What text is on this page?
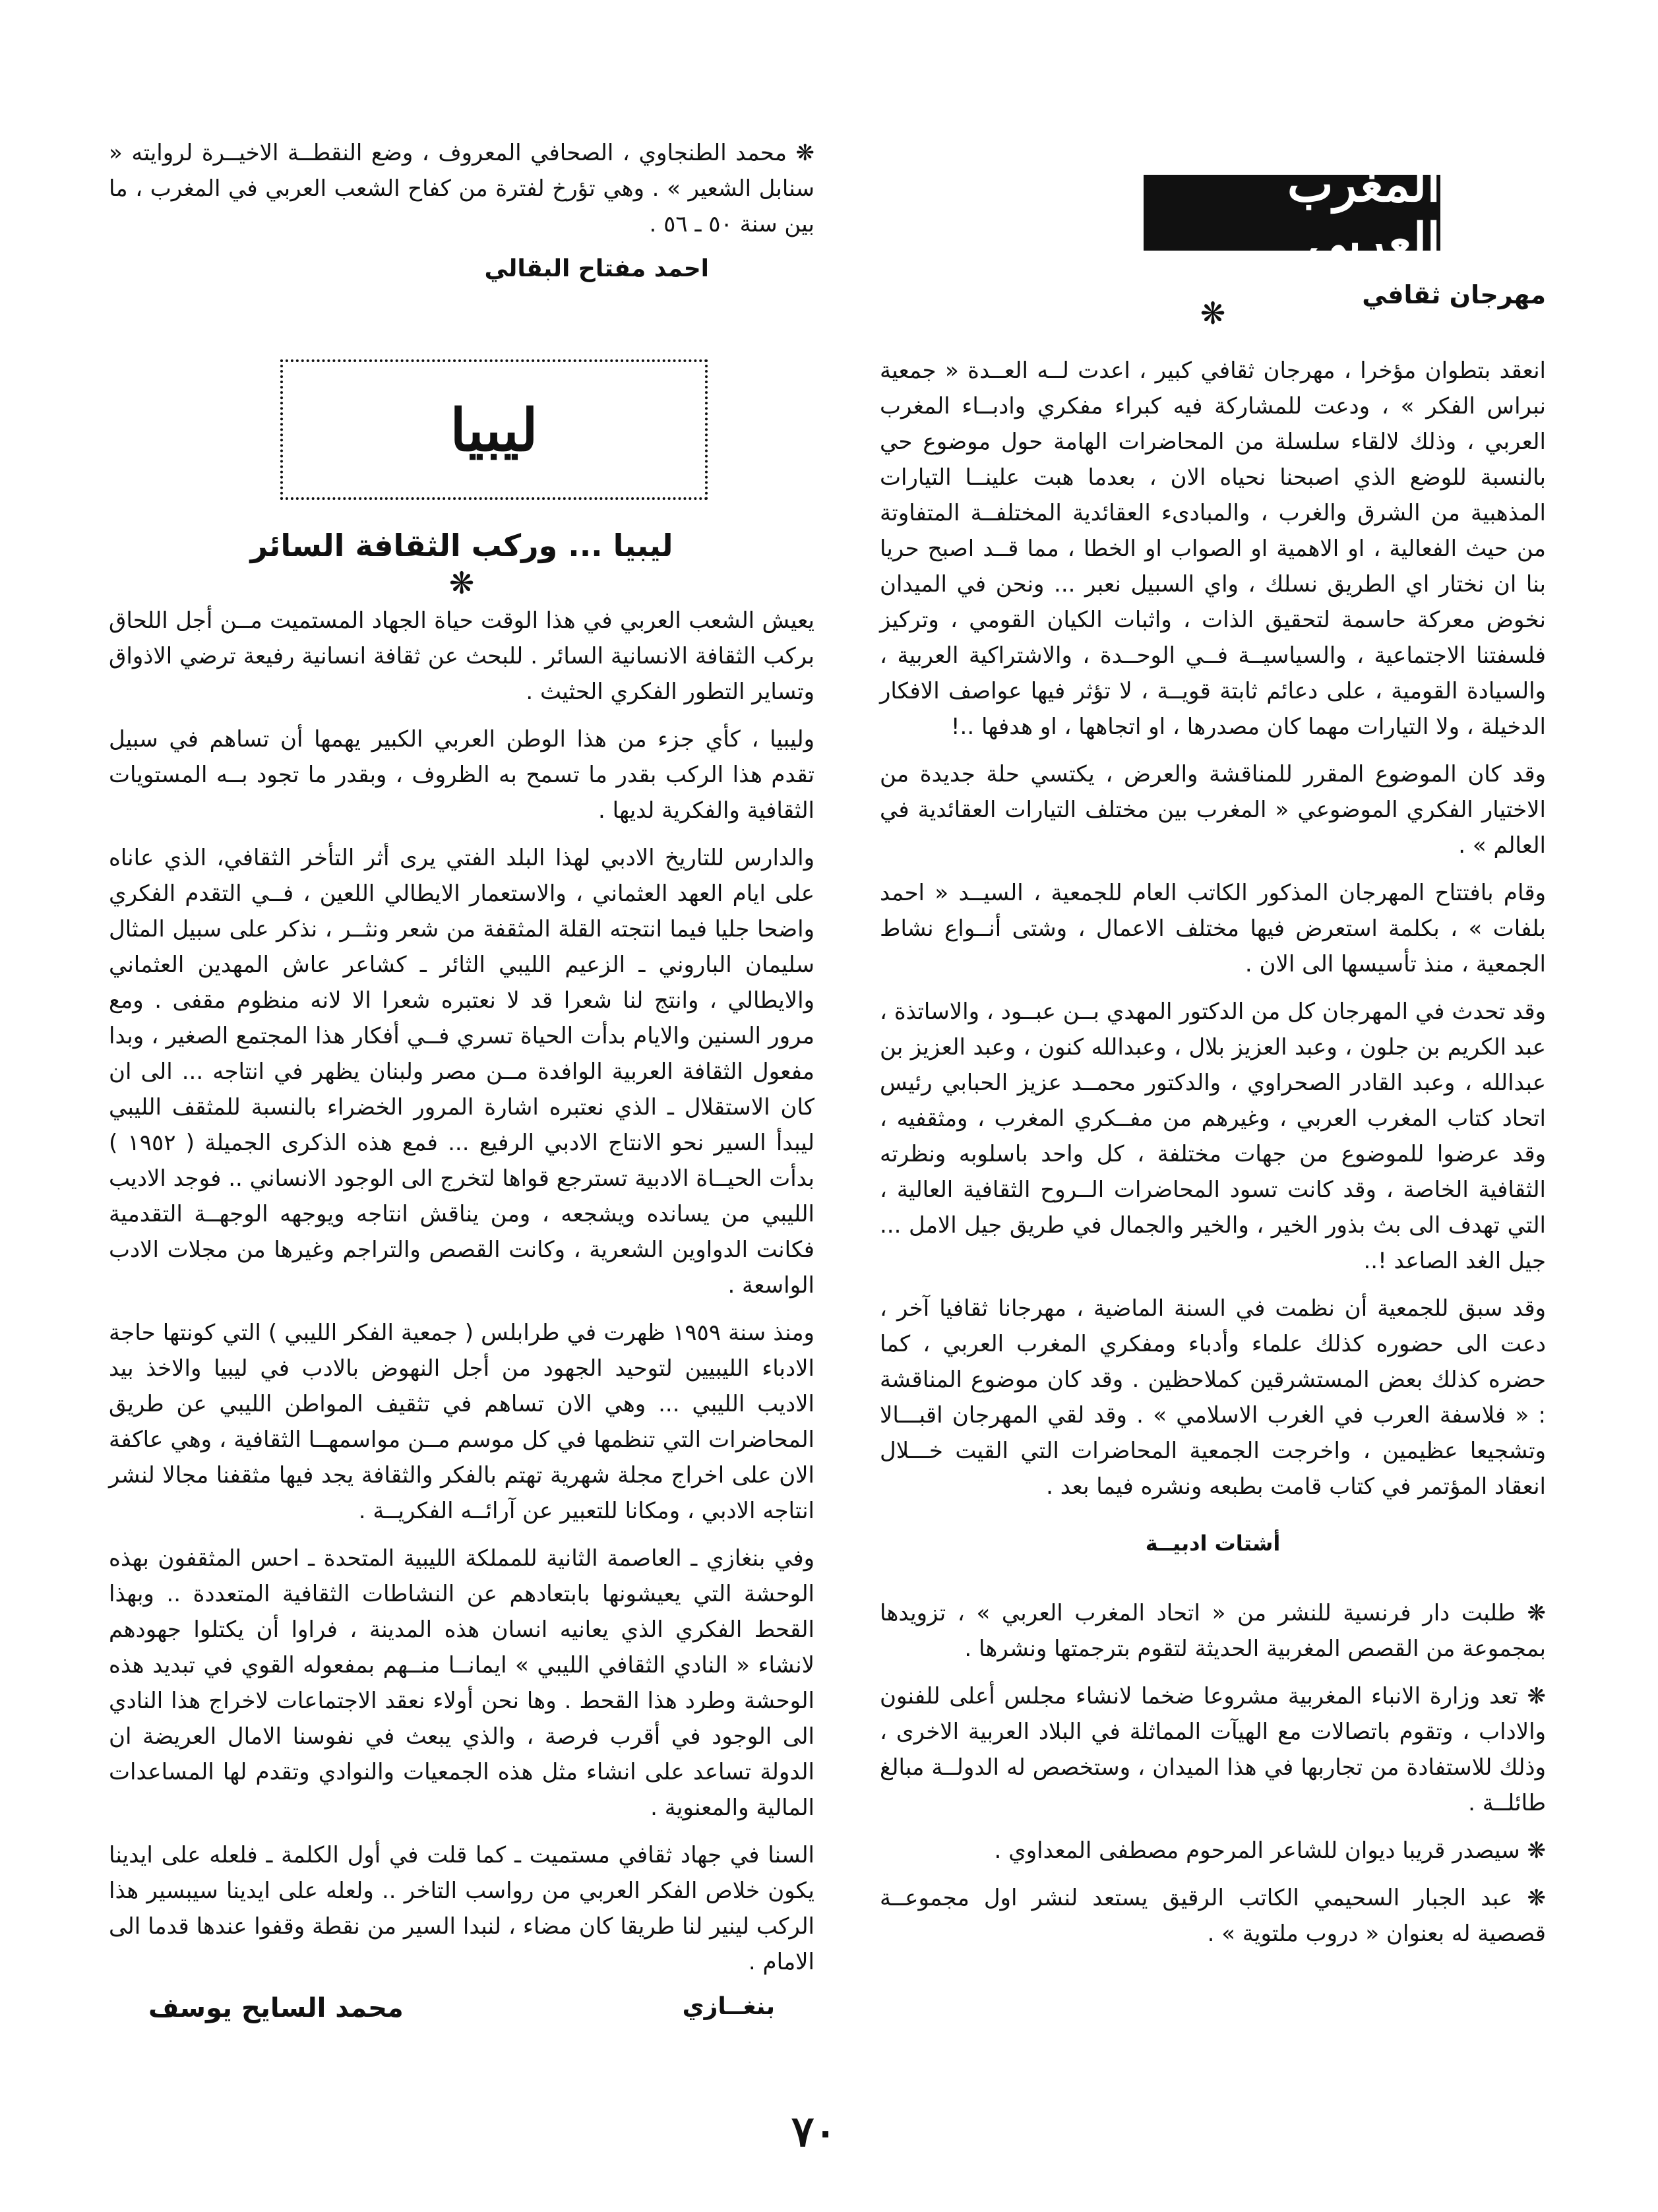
المغرب العربي

مهرجان ثقافي

❋

انعقد بتطوان مؤخرا ، مهرجان ثقافي كبير ، اعدت لــه العــدة « جمعية نبراس الفكر » ، ودعت للمشاركة فيه كبراء مفكري وادبــاء المغرب العربي ، وذلك لالقاء سلسلة من المحاضرات الهامة حول موضوع حي بالنسبة للوضع الذي اصبحنا نحياه الان ، بعدما هبت علينــا التيارات المذهبية من الشرق والغرب ، والمبادىء العقائدية المختلفــة المتفاوتة من حيث الفعالية ، او الاهمية او الصواب او الخطا ، مما قــد اصبح حريا بنا ان نختار اي الطريق نسلك ، واي السبيل نعبر ... ونحن في الميدان نخوض معركة حاسمة لتحقيق الذات ، واثبات الكيان القومي ، وتركيز فلسفتنا الاجتماعية ، والسياسيــة فــي الوحــدة ، والاشتراكية العربية ، والسيادة القومية ، على دعائم ثابتة قويــة ، لا تؤثر فيها عواصف الافكار الدخيلة ، ولا التيارات مهما كان مصدرها ، او اتجاهها ، او هدفها ..!

وقد كان الموضوع المقرر للمناقشة والعرض ، يكتسي حلة جديدة من الاختيار الفكري الموضوعي « المغرب بين مختلف التيارات العقائدية في العالم » .

وقام بافتتاح المهرجان المذكور الكاتب العام للجمعية ، السيــد « احمد بلفات » ، بكلمة استعرض فيها مختلف الاعمال ، وشتى أنــواع نشاط الجمعية ، منذ تأسيسها الى الان .

وقد تحدث في المهرجان كل من الدكتور المهدي بــن عبــود ، والاساتذة ، عبد الكريم بن جلون ، وعبد العزيز بلال ، وعبدالله كنون ، وعبد العزيز بن عبدالله ، وعبد القادر الصحراوي ، والدكتور محمــد عزيز الحبابي رئيس اتحاد كتاب المغرب العربي ، وغيرهم من مفــكري المغرب ، ومثقفيه ، وقد عرضوا للموضوع من جهات مختلفة ، كل واحد باسلوبه ونظرته الثقافية الخاصة ، وقد كانت تسود المحاضرات الــروح الثقافية العالية ، التي تهدف الى بث بذور الخير ، والخير والجمال في طريق جيل الامل ... جيل الغد الصاعد !..

وقد سبق للجمعية أن نظمت في السنة الماضية ، مهرجانا ثقافيا آخر ، دعت الى حضوره كذلك علماء وأدباء ومفكري المغرب العربي ، كما حضره كذلك بعض المستشرقين كملاحظين . وقد كان موضوع المناقشة : « فلاسفة العرب في الغرب الاسلامي » . وقد لقي المهرجان اقبـــالا وتشجيعا عظيمين ، واخرجت الجمعية المحاضرات التي القيت خـــلال انعقاد المؤتمر في كتاب قامت بطبعه ونشره فيما بعد .

أشتات ادبيــة

❋ طلبت دار فرنسية للنشر من « اتحاد المغرب العربي » ، تزويدها بمجموعة من القصص المغربية الحديثة لتقوم بترجمتها ونشرها .

❋ تعد وزارة الانباء المغربية مشروعا ضخما لانشاء مجلس أعلى للفنون والاداب ، وتقوم باتصالات مع الهيآت المماثلة في البلاد العربية الاخرى ، وذلك للاستفادة من تجاربها في هذا الميدان ، وستخصص له الدولــة مبالغ طائلــة .

❋ سيصدر قريبا ديوان للشاعر المرحوم مصطفى المعداوي .

❋ عبد الجبار السحيمي الكاتب الرقيق يستعد لنشر اول مجموعــة قصصية له بعنوان « دروب ملتوية » .

❋ محمد الطنجاوي ، الصحافي المعروف ، وضع النقطــة الاخيــرة لروايته « سنابل الشعير » . وهي تؤرخ لفترة من كفاح الشعب العربي في المغرب ، ما بين سنة ٥٠ ـ ٥٦ .

احمد مفتاح البقالي

ليبيا

ليبيا ... وركب الثقافة السائر

❋

يعيش الشعب العربي في هذا الوقت حياة الجهاد المستميت مــن أجل اللحاق بركب الثقافة الانسانية السائر . للبحث عن ثقافة انسانية رفيعة ترضي الاذواق وتساير التطور الفكري الحثيث .

وليبيا ، كأي جزء من هذا الوطن العربي الكبير يهمها أن تساهم في سبيل تقدم هذا الركب بقدر ما تسمح به الظروف ، وبقدر ما تجود بــه المستويات الثقافية والفكرية لديها .

والدارس للتاريخ الادبي لهذا البلد الفتي يرى أثر التأخر الثقافي، الذي عاناه على ايام العهد العثماني ، والاستعمار الايطالي اللعين ، فــي التقدم الفكري واضحا جليا فيما انتجته القلة المثقفة من شعر ونثــر ، نذكر على سبيل المثال سليمان الباروني ـ الزعيم الليبي الثائر ـ كشاعر عاش المهدين العثماني والايطالي ، وانتج لنا شعرا قد لا نعتبره شعرا الا لانه منظوم مقفى . ومع مرور السنين والايام بدأت الحياة تسري فــي أفكار هذا المجتمع الصغير ، وبدا مفعول الثقافة العربية الوافدة مــن مصر ولبنان يظهر في انتاجه ... الى ان كان الاستقلال ـ الذي نعتبره اشارة المرور الخضراء بالنسبة للمثقف الليبي ليبدأ السير نحو الانتاج الادبي الرفيع ... فمع هذه الذكرى الجميلة ( ١٩٥٢ ) بدأت الحيــاة الادبية تسترجع قواها لتخرج الى الوجود الانساني .. فوجد الاديب الليبي من يسانده ويشجعه ، ومن يناقش انتاجه ويوجهه الوجهــة التقدمية فكانت الدواوين الشعرية ، وكانت القصص والتراجم وغيرها من مجلات الادب الواسعة .

ومنذ سنة ١٩٥٩ ظهرت في طرابلس ( جمعية الفكر الليبي ) التي كونتها حاجة الادباء الليبيين لتوحيد الجهود من أجل النهوض بالادب في ليبيا والاخذ بيد الاديب الليبي ... وهي الان تساهم في تثقيف المواطن الليبي عن طريق المحاضرات التي تنظمها في كل موسم مــن مواسمهــا الثقافية ، وهي عاكفة الان على اخراج مجلة شهرية تهتم بالفكر والثقافة يجد فيها مثقفنا مجالا لنشر انتاجه الادبي ، ومكانا للتعبير عن آرائــه الفكريــة .

وفي بنغازي ـ العاصمة الثانية للمملكة الليبية المتحدة ـ احس المثقفون بهذه الوحشة التي يعيشونها بابتعادهم عن النشاطات الثقافية المتعددة .. وبهذا القحط الفكري الذي يعانيه انسان هذه المدينة ، فراوا أن يكتلوا جهودهم لانشاء « النادي الثقافي الليبي » ايمانــا منــهم بمفعوله القوي في تبديد هذه الوحشة وطرد هذا القحط . وها نحن أولاء نعقد الاجتماعات لاخراج هذا النادي الى الوجود في أقرب فرصة ، والذي يبعث في نفوسنا الامال العريضة ان الدولة تساعد على انشاء مثل هذه الجمعيات والنوادي وتقدم لها المساعدات المالية والمعنوية .

السنا في جهاد ثقافي مستميت ـ كما قلت في أول الكلمة ـ فلعله على ايدينا يكون خلاص الفكر العربي من رواسب التاخر .. ولعله على ايدينا سيبسير هذا الركب لينير لنا طريقا كان مضاء ، لنبدا السير من نقطة وقفوا عندها قدما الى الامام .

بنغــازي
محمد السايح يوسف
٧٠
